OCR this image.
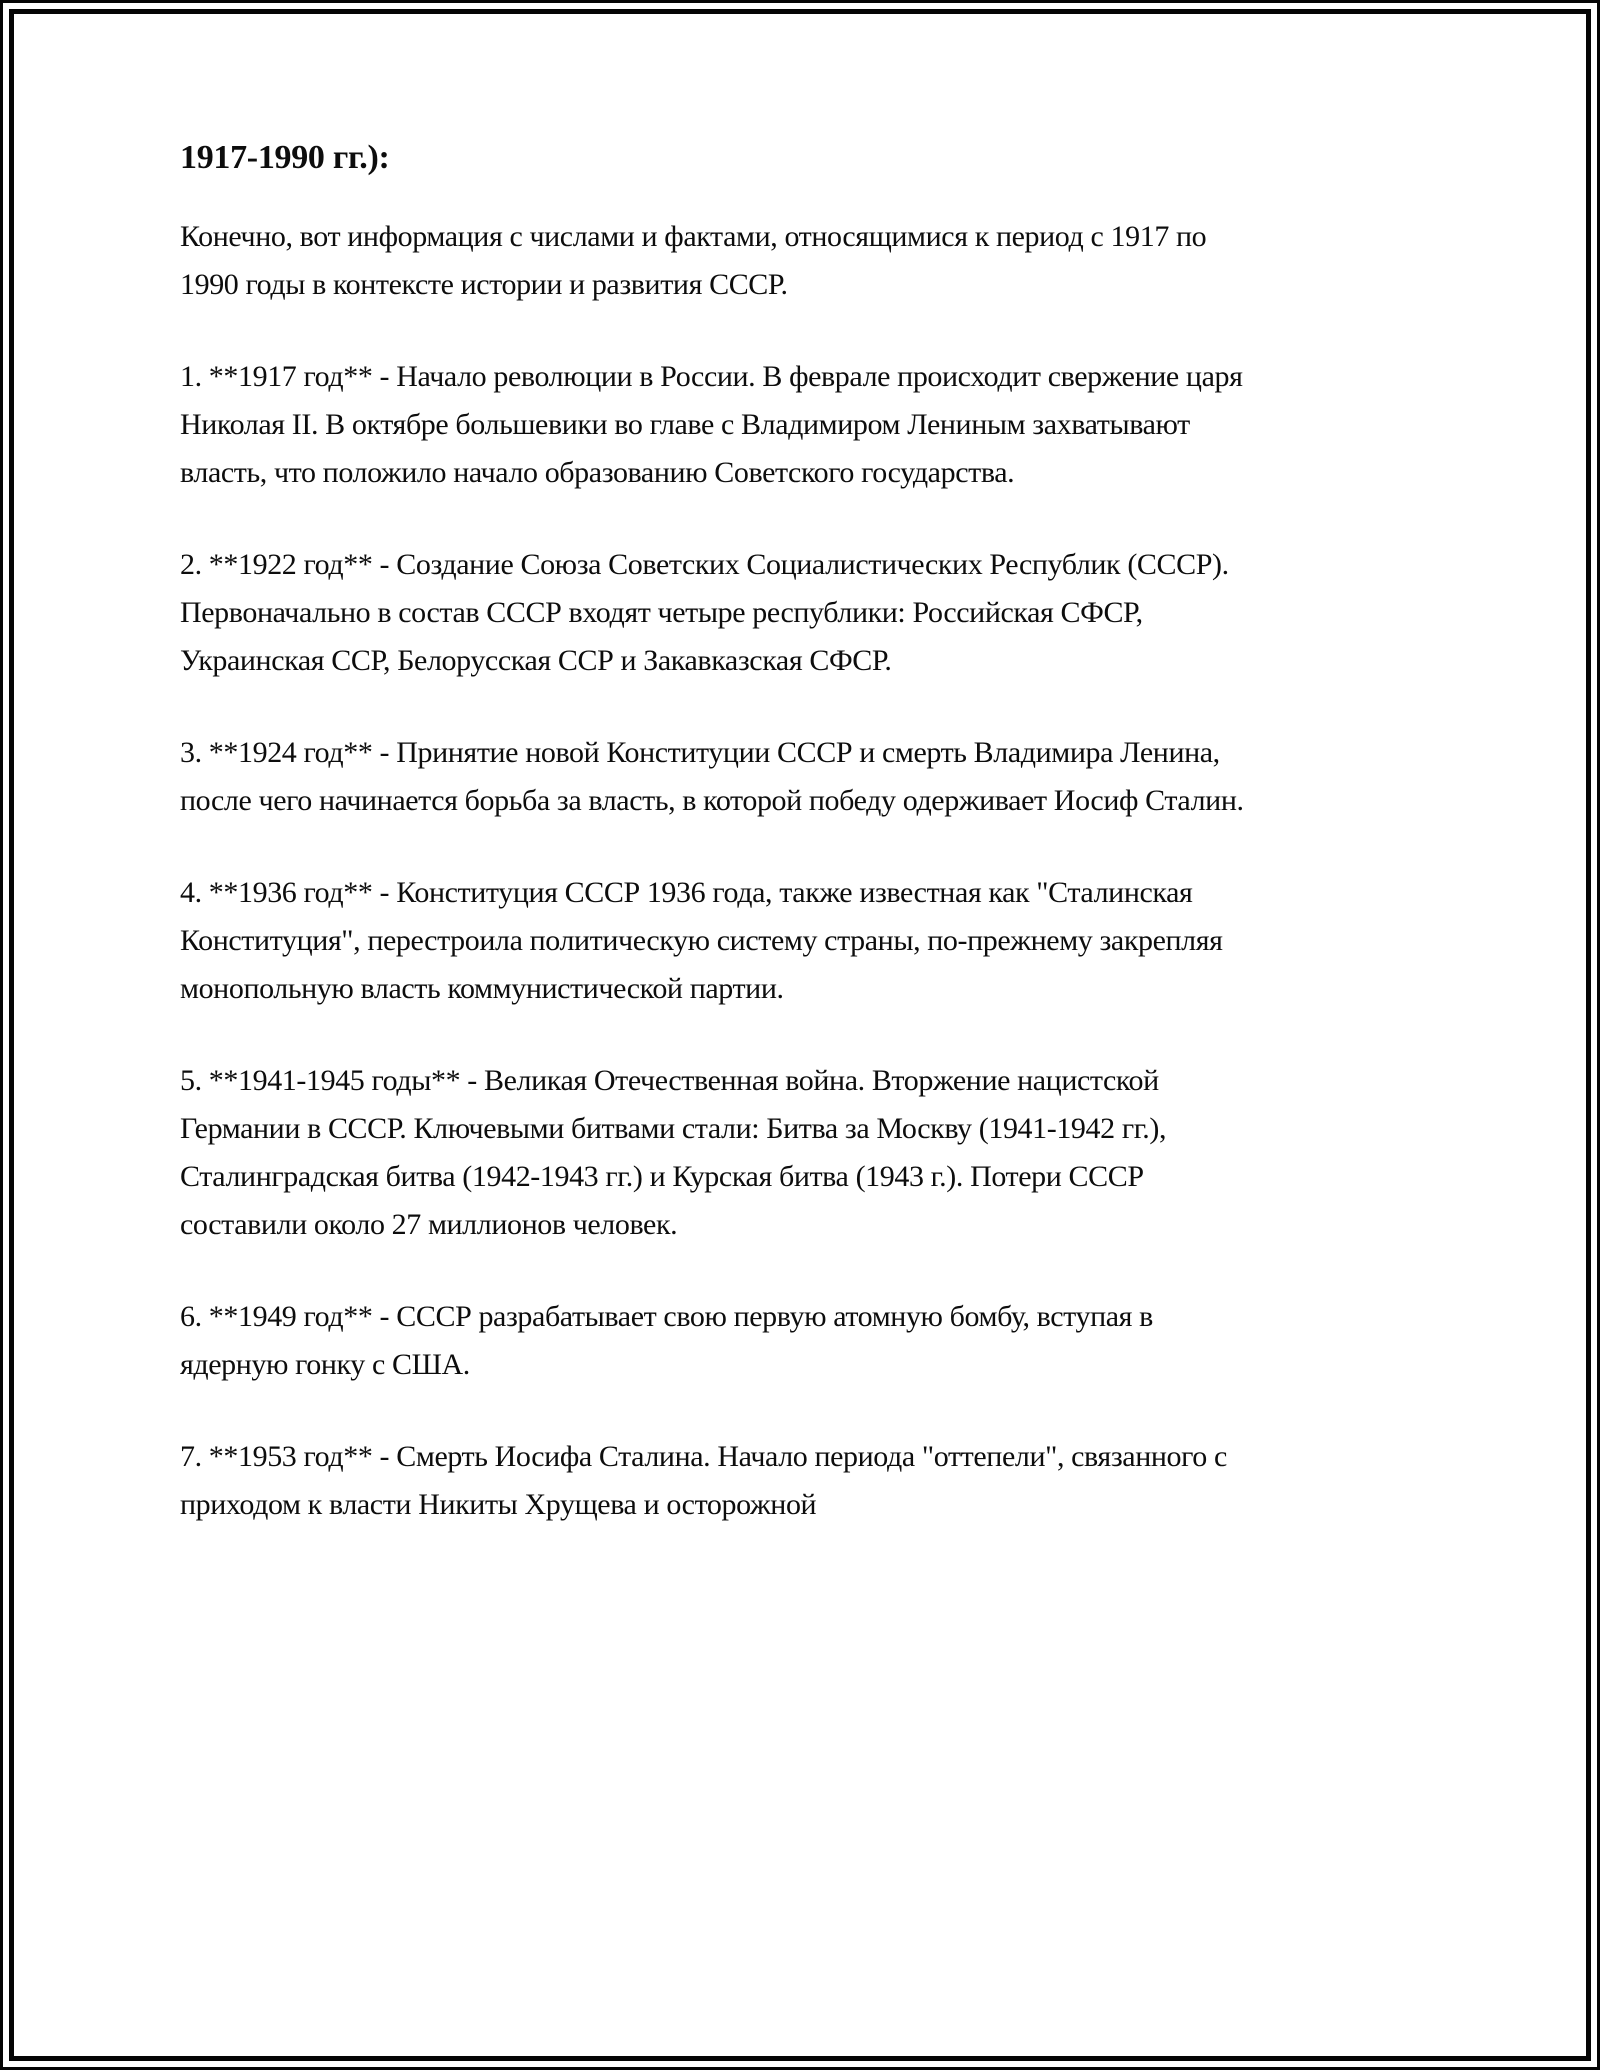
1917-1990 гг.):

Конечно, вот информация с числами и фактами, относящимися к период с 1917 по 1990 годы в контексте истории и развития СССР.

1. **1917 год** - Начало революции в России. В феврале происходит свержение царя Николая II. В октябре большевики во главе с Владимиром Лениным захватывают власть, что положило начало образованию Советского государства.

2. **1922 год** - Создание Союза Советских Социалистических Республик (СССР). Первоначально в состав СССР входят четыре республики: Российская СФСР, Украинская ССР, Белорусская ССР и Закавказская СФСР.

3. **1924 год** - Принятие новой Конституции СССР и смерть Владимира Ленина, после чего начинается борьба за власть, в которой победу одерживает Иосиф Сталин.

4. **1936 год** - Конституция СССР 1936 года, также известная как "Сталинская Конституция", перестроила политическую систему страны, по-прежнему закрепляя монопольную власть коммунистической партии.

5. **1941-1945 годы** - Великая Отечественная война. Вторжение нацистской Германии в СССР. Ключевыми битвами стали: Битва за Москву (1941-1942 гг.), Сталинградская битва (1942-1943 гг.) и Курская битва (1943 г.). Потери СССР составили около 27 миллионов человек.

6. **1949 год** - СССР разрабатывает свою первую атомную бомбу, вступая в ядерную гонку с США.

7. **1953 год** - Смерть Иосифа Сталина. Начало периода "оттепели", связанного с приходом к власти Никиты Хрущева и осторожной
